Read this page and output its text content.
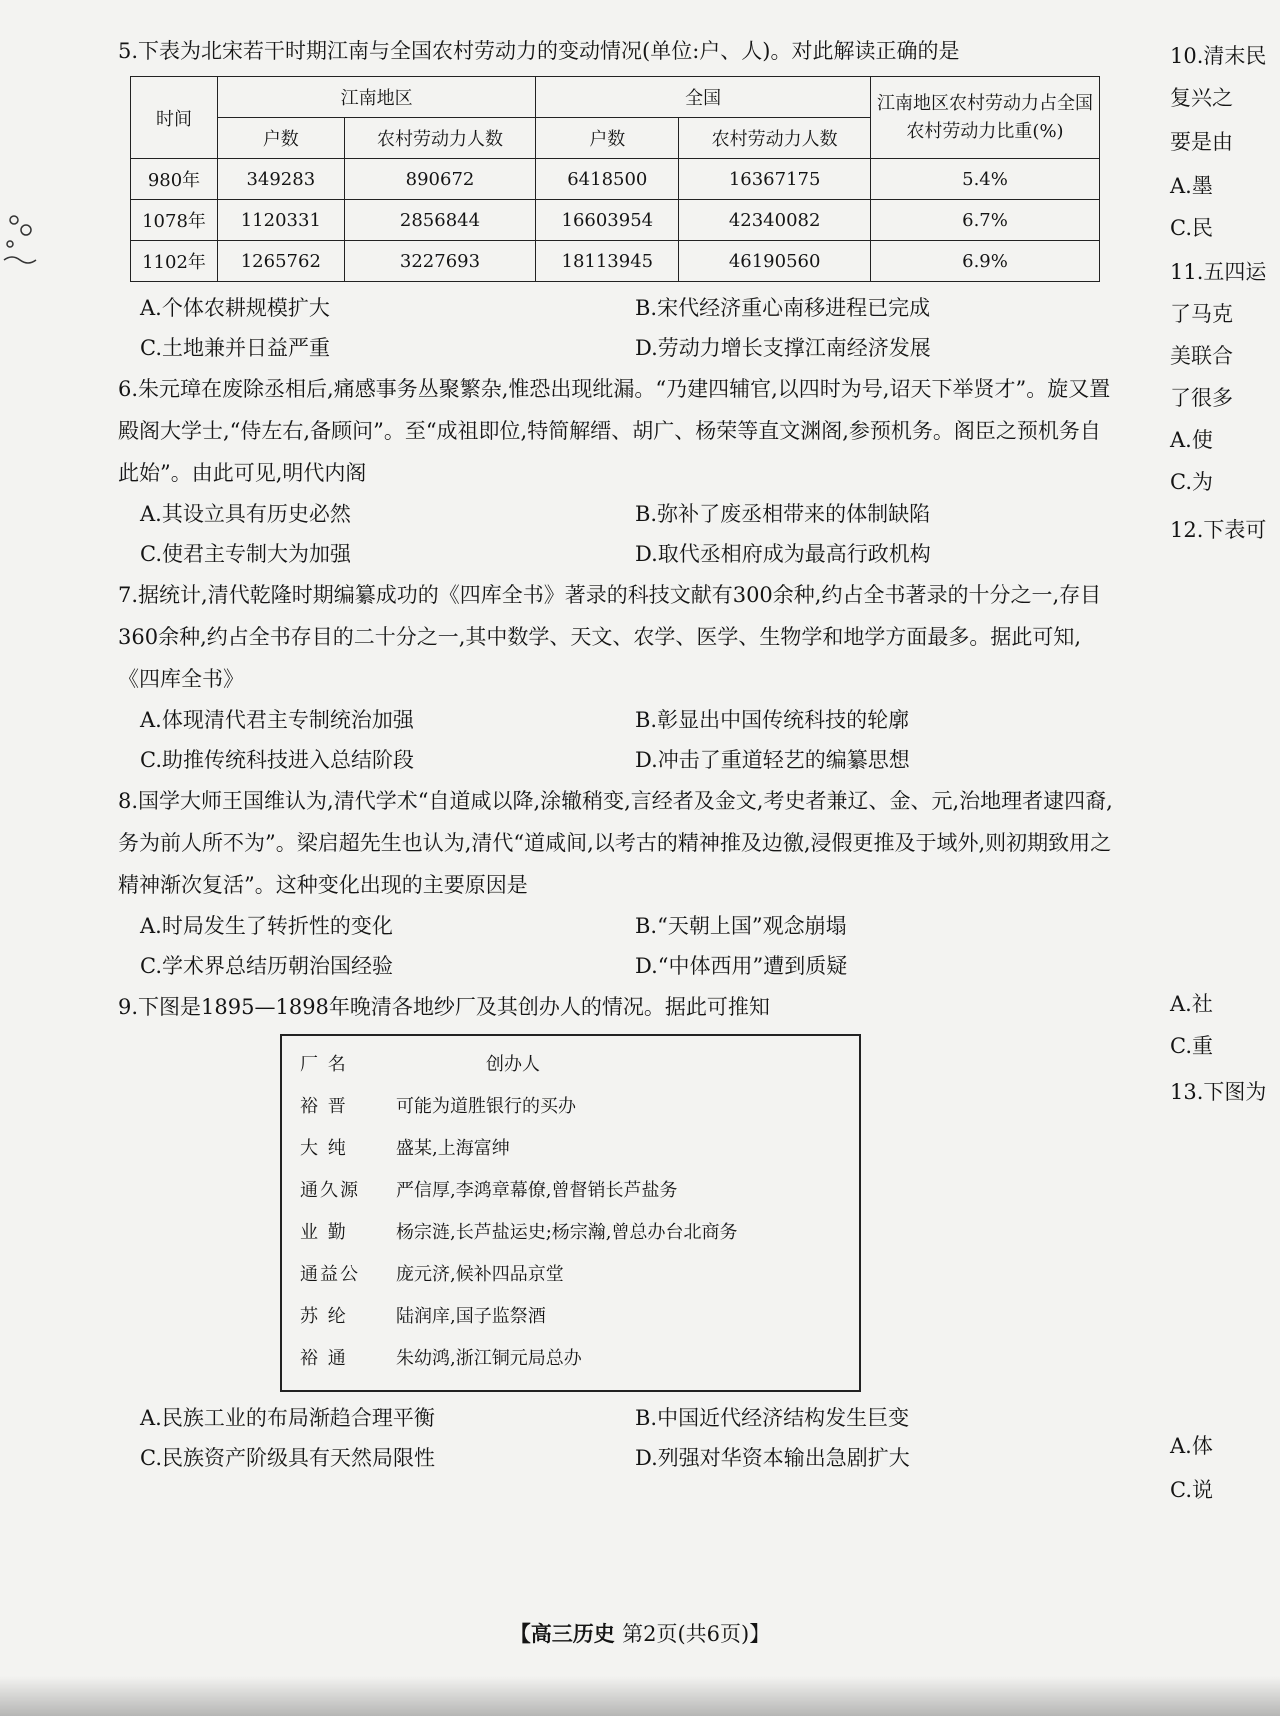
5.下表为北宋若干时期江南与全国农村劳动力的变动情况(单位:户、人)。对此解读正确的是
时间	江南地区		全国		江南地区农村劳动力占全国农村劳动力比重(%)
	户数	农村劳动力人数	户数	农村劳动力人数	
980年	349283	890672	6418500	16367175	5.4%
1078年	1120331	2856844	16603954	42340082	6.7%
1102年	1265762	3227693	18113945	46190560	6.9%
A.个体农耕规模扩大	B.宋代经济重心南移进程已完成
C.土地兼并日益严重	D.劳动力增长支撑江南经济发展
6.朱元璋在废除丞相后,痛感事务丛聚繁杂,惟恐出现纰漏。“乃建四辅官,以四时为号,诏天下举贤才”。旋又置殿阁大学士,“侍左右,备顾问”。至“成祖即位,特简解缙、胡广、杨荣等直文渊阁,参预机务。阁臣之预机务自此始”。由此可见,明代内阁
A.其设立具有历史必然	B.弥补了废丞相带来的体制缺陷
C.使君主专制大为加强	D.取代丞相府成为最高行政机构
7.据统计,清代乾隆时期编纂成功的《四库全书》著录的科技文献有300余种,约占全书著录的十分之一,存目360余种,约占全书存目的二十分之一,其中数学、天文、农学、医学、生物学和地学方面最多。据此可知,《四库全书》
A.体现清代君主专制统治加强	B.彰显出中国传统科技的轮廓
C.助推传统科技进入总结阶段	D.冲击了重道轻艺的编纂思想
8.国学大师王国维认为,清代学术“自道咸以降,涂辙稍变,言经者及金文,考史者兼辽、金、元,治地理者逮四裔,务为前人所不为”。梁启超先生也认为,清代“道咸间,以考古的精神推及边徼,浸假更推及于域外,则初期致用之精神渐次复活”。这种变化出现的主要原因是
A.时局发生了转折性的变化	B.“天朝上国”观念崩塌
C.学术界总结历朝治国经验	D.“中体西用”遭到质疑
9.下图是1895—1898年晚清各地纱厂及其创办人的情况。据此可推知
厂 名	创办人
裕 晋	可能为道胜银行的买办
大 纯	盛某,上海富绅
通久源	严信厚,李鸿章幕僚,曾督销长芦盐务
业 勤	杨宗涟,长芦盐运史;杨宗瀚,曾总办台北商务
通益公	庞元济,候补四品京堂
苏 纶	陆润庠,国子监祭酒
裕 通	朱幼鸿,浙江铜元局总办
A.民族工业的布局渐趋合理平衡	B.中国近代经济结构发生巨变
C.民族资产阶级具有天然局限性	D.列强对华资本输出急剧扩大
【高三历史 第2页(共6页)】
10.清末民
复兴之
要是由
A.墨
C.民
11.五四运
了马克
美联合
了很多
A.使
C.为
12.下表可
A.社
C.重
13.下图为
A.体
C.说
